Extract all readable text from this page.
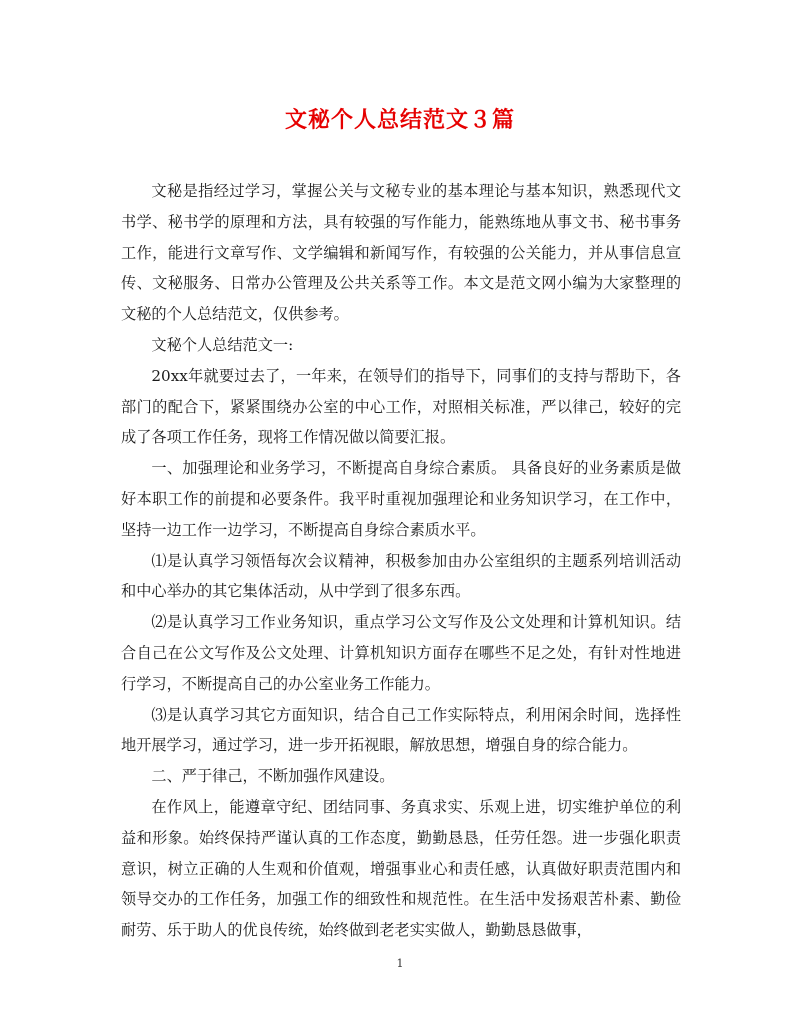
文秘个人总结范文３篇

文秘是指经过学习，掌握公关与文秘专业的基本理论与基本知识，熟悉现代文书学、秘书学的原理和方法，具有较强的写作能力，能熟练地从事文书、秘书事务工作，能进行文章写作、文学编辑和新闻写作，有较强的公关能力，并从事信息宣传、文秘服务、日常办公管理及公共关系等工作。本文是范文网小编为大家整理的文秘的个人总结范文，仅供参考。

文秘个人总结范文一:

20xx年就要过去了，一年来，在领导们的指导下，同事们的支持与帮助下，各部门的配合下，紧紧围绕办公室的中心工作，对照相关标准，严以律己，较好的完成了各项工作任务，现将工作情况做以简要汇报。

一、加强理论和业务学习，不断提高自身综合素质。 具备良好的业务素质是做好本职工作的前提和必要条件。我平时重视加强理论和业务知识学习，在工作中，坚持一边工作一边学习，不断提高自身综合素质水平。

⑴是认真学习领悟每次会议精神，积极参加由办公室组织的主题系列培训活动和中心举办的其它集体活动，从中学到了很多东西。

⑵是认真学习工作业务知识，重点学习公文写作及公文处理和计算机知识。结合自己在公文写作及公文处理、计算机知识方面存在哪些不足之处，有针对性地进行学习，不断提高自己的办公室业务工作能力。

⑶是认真学习其它方面知识，结合自己工作实际特点，利用闲余时间，选择性地开展学习，通过学习，进一步开拓视眼，解放思想，增强自身的综合能力。

二、严于律己，不断加强作风建设。

在作风上，能遵章守纪、团结同事、务真求实、乐观上进，切实维护单位的利益和形象。始终保持严谨认真的工作态度，勤勤恳恳，任劳任怨。进一步强化职责意识，树立正确的人生观和价值观，增强事业心和责任感，认真做好职责范围内和领导交办的工作任务，加强工作的细致性和规范性。在生活中发扬艰苦朴素、勤俭耐劳、乐于助人的优良传统，始终做到老老实实做人，勤勤恳恳做事，

1
